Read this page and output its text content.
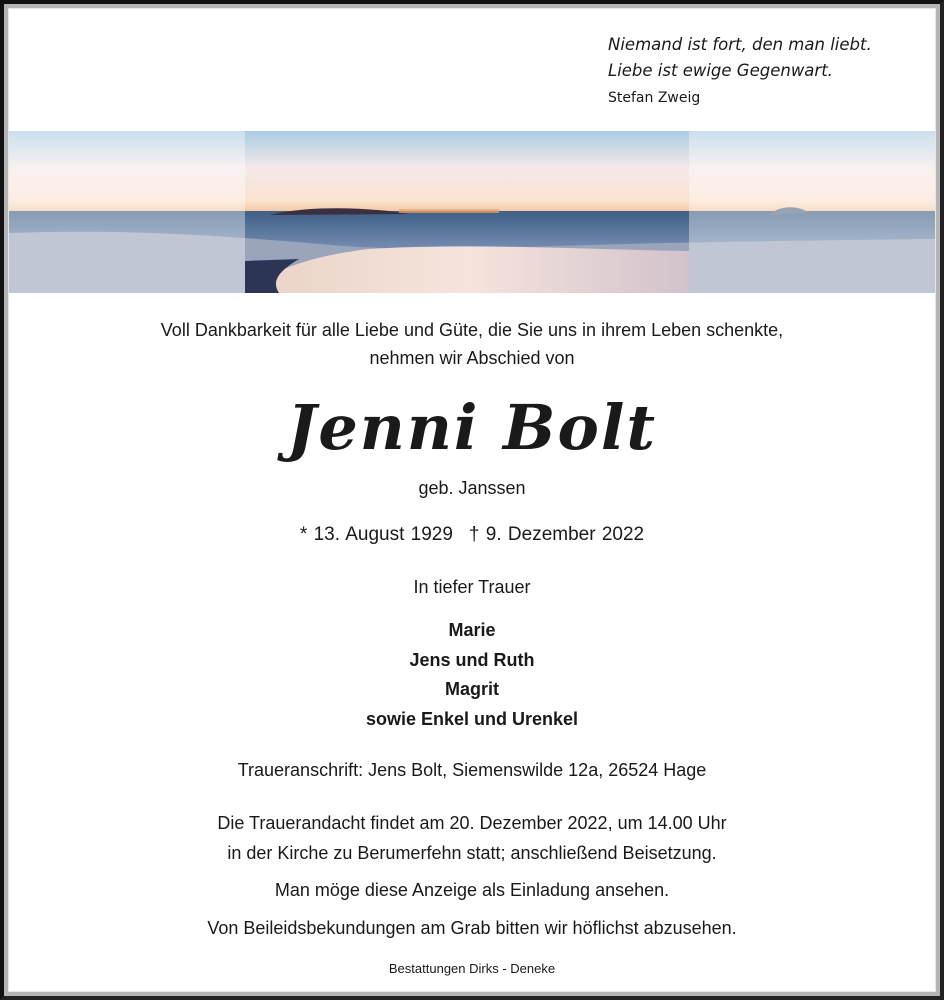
Niemand ist fort, den man liebt.
Liebe ist ewige Gegenwart.
Stefan Zweig
Voll Dankbarkeit für alle Liebe und Güte, die Sie uns in ihrem Leben schenkte,
nehmen wir Abschied von
Jenni Bolt
geb. Janssen
* 13. August 1929 † 9. Dezember 2022
In tiefer Trauer
Marie
Jens und Ruth
Magrit
sowie Enkel und Urenkel
Traueranschrift: Jens Bolt, Siemenswilde 12a, 26524 Hage
Die Trauerandacht findet am 20. Dezember 2022, um 14.00 Uhr
in der Kirche zu Berumerfehn statt; anschließend Beisetzung.
Man möge diese Anzeige als Einladung ansehen.
Von Beileidsbekundungen am Grab bitten wir höflichst abzusehen.
Bestattungen Dirks - Deneke
